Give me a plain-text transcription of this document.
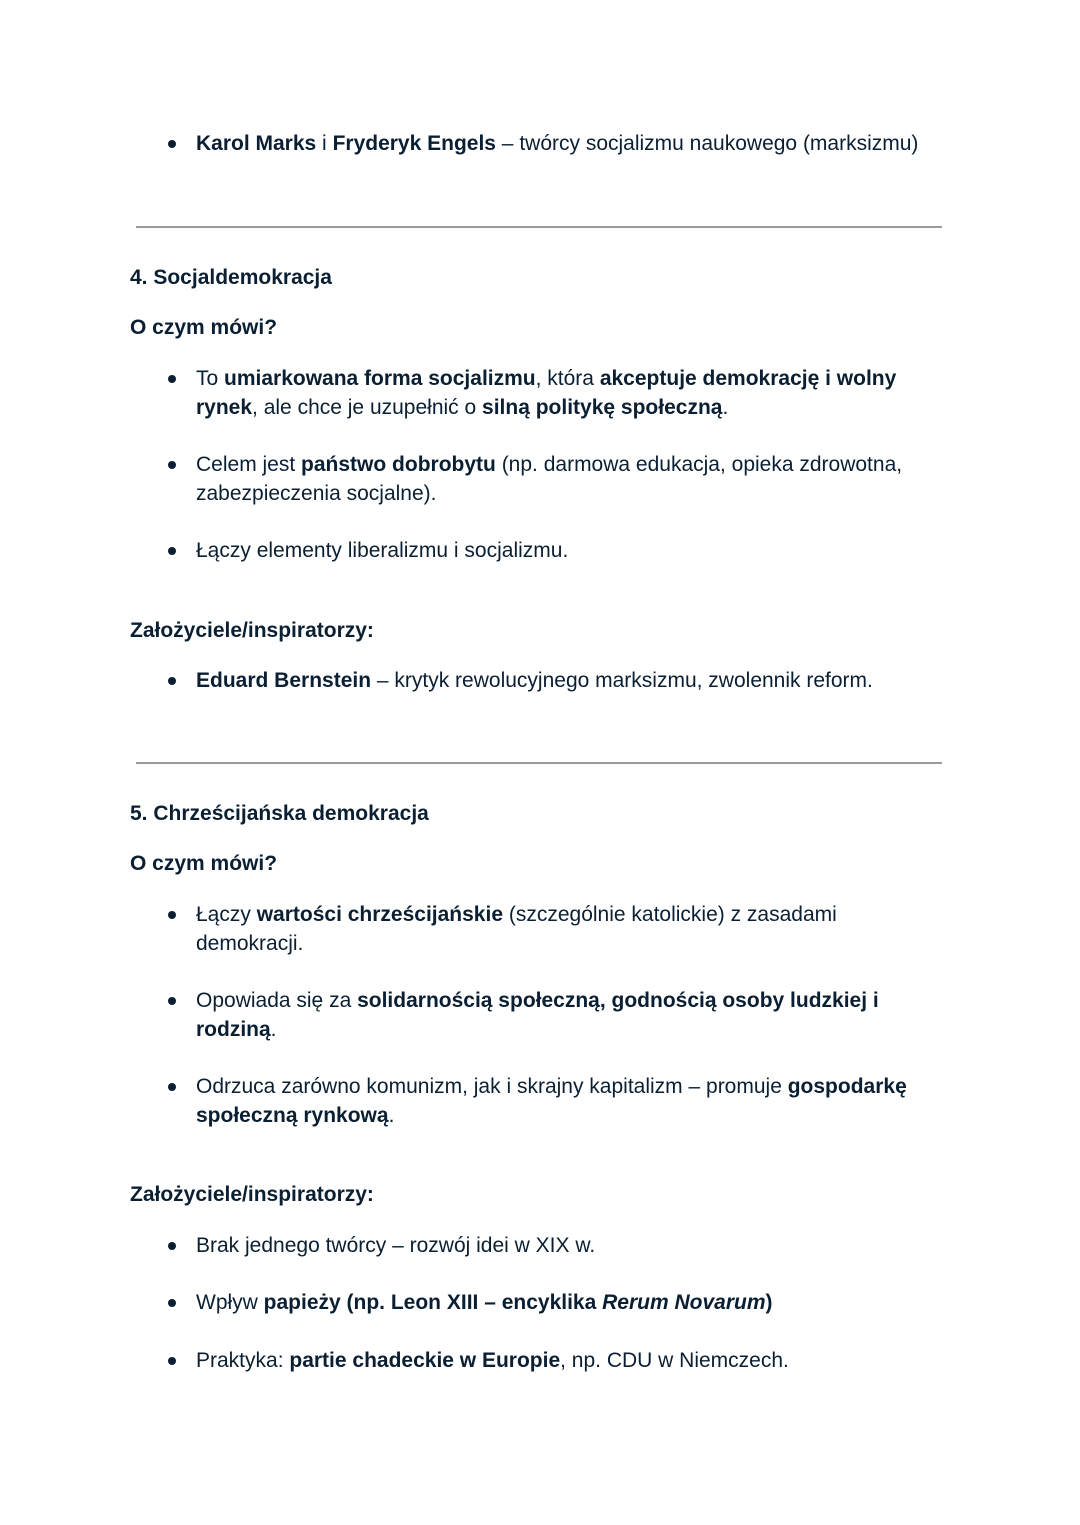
Karol Marks i Fryderyk Engels – twórcy socjalizmu naukowego (marksizmu)
4. Socjaldemokracja
O czym mówi?
To umiarkowana forma socjalizmu, która akceptuje demokrację i wolny rynek, ale chce je uzupełnić o silną politykę społeczną.
Celem jest państwo dobrobytu (np. darmowa edukacja, opieka zdrowotna, zabezpieczenia socjalne).
Łączy elementy liberalizmu i socjalizmu.
Założyciele/inspiratorzy:
Eduard Bernstein – krytyk rewolucyjnego marksizmu, zwolennik reform.
5. Chrześcijańska demokracja
O czym mówi?
Łączy wartości chrześcijańskie (szczególnie katolickie) z zasadami demokracji.
Opowiada się za solidarnością społeczną, godnością osoby ludzkiej i rodziną.
Odrzuca zarówno komunizm, jak i skrajny kapitalizm – promuje gospodarkę społeczną rynkową.
Założyciele/inspiratorzy:
Brak jednego twórcy – rozwój idei w XIX w.
Wpływ papieży (np. Leon XIII – encyklika Rerum Novarum)
Praktyka: partie chadeckie w Europie, np. CDU w Niemczech.
